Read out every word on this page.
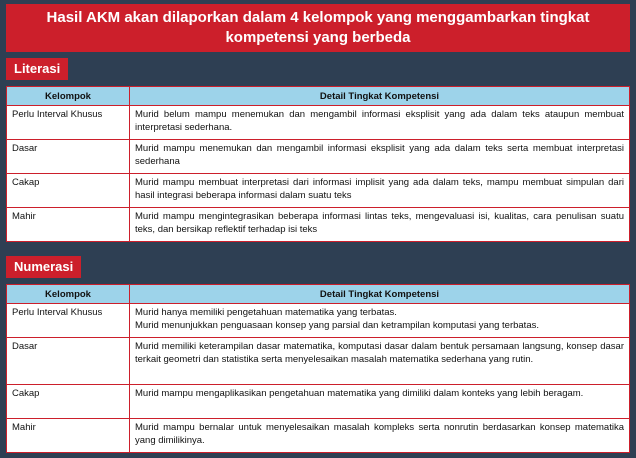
Hasil AKM akan dilaporkan dalam 4 kelompok yang menggambarkan tingkat
kompetensi yang berbeda
Literasi
Kelompok	Detail Tingkat Kompetensi
Perlu Interval Khusus	Murid belum mampu menemukan dan mengambil informasi eksplisit yang ada dalam teks ataupun membuat interpretasi sederhana.

Dasar	Murid mampu menemukan dan mengambil informasi eksplisit yang ada dalam teks serta membuat interpretasi sederhana

Cakap	Murid mampu membuat interpretasi dari informasi implisit yang ada dalam teks, mampu membuat simpulan dari hasil integrasi beberapa informasi dalam suatu teks

Mahir	Murid mampu mengintegrasikan beberapa informasi lintas teks, mengevaluasi isi, kualitas, cara penulisan suatu teks, dan bersikap reflektif terhadap isi teks
Numerasi
Kelompok	Detail Tingkat Kompetensi
Perlu Interval Khusus	Murid hanya memiliki pengetahuan matematika yang terbatas.
Murid menunjukkan penguasaan konsep yang parsial dan ketrampilan komputasi yang terbatas.

Dasar	Murid memiliki keterampilan dasar matematika, komputasi dasar dalam bentuk persamaan langsung, konsep dasar terkait geometri dan statistika serta menyelesaikan masalah matematika sederhana yang rutin.

Cakap	Murid mampu mengaplikasikan pengetahuan matematika yang dimiliki dalam konteks yang lebih beragam.

Mahir	Murid mampu bernalar untuk menyelesaikan masalah kompleks serta nonrutin berdasarkan konsep matematika yang dimilikinya.
